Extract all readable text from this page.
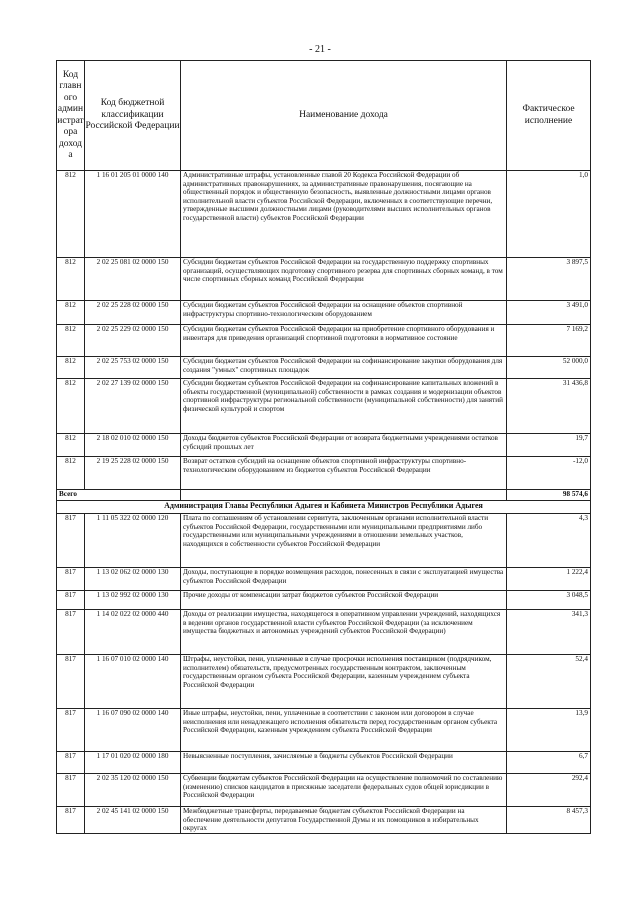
- 21 -
Код главн ого админ истрат ора доход а	Код бюджетной классификации Российской Федерации	Наименование дохода	Фактическое исполнение
812	1 16 01 205 01 0000 140	Административные штрафы, установленные главой 20 Кодекса Российской Федерации об административных правонарушениях, за административные правонарушения, посягающие на общественный порядок и общественную безопасность, выявленные должностными лицами органов исполнительной власти субъектов Российской Федерации, включенных в соответствующие перечни, утвержденные высшими должностными лицами (руководителями высших исполнительных органов государственной власти) субъектов Российской Федерации	1,0
812	2 02 25 081 02 0000 150	Субсидии бюджетам субъектов Российской Федерации на государственную поддержку спортивных организаций, осуществляющих подготовку спортивного резерва для спортивных сборных команд, в том числе спортивных сборных команд Российской Федерации	3 897,5
812	2 02 25 228 02 0000 150	Субсидии бюджетам субъектов Российской Федерации на оснащение объектов спортивной инфраструктуры спортивно-технологическим оборудованием	3 491,0
812	2 02 25 229 02 0000 150	Субсидии бюджетам субъектов Российской Федерации на приобретение спортивного оборудования и инвентаря для приведения организаций спортивной подготовки в нормативное состояние	7 169,2
812	2 02 25 753 02 0000 150	Субсидии бюджетам субъектов Российской Федерации на софинансирование закупки оборудования для создания "умных" спортивных площадок	52 000,0
812	2 02 27 139 02 0000 150	Субсидии бюджетам субъектов Российской Федерации на софинансирование капитальных вложений в объекты государственной (муниципальной) собственности в рамках создания и модернизации объектов спортивной инфраструктуры региональной собственности (муниципальной собственности) для занятий физической культурой и спортом	31 436,8
812	2 18 02 010 02 0000 150	Доходы бюджетов субъектов Российской Федерации от возврата бюджетными учреждениями остатков субсидий прошлых лет	19,7
812	2 19 25 228 02 0000 150	Возврат остатков субсидий на оснащение объектов спортивной инфраструктуры спортивно-технологическим оборудованием из бюджетов субъектов Российской Федерации	-12,0
Всего			98 574,6
Администрация Главы Республики Адыгея и Кабинета Министров Республики Адыгея			
817	1 11 05 322 02 0000 120	Плата по соглашениям об установлении сервитута, заключенным органами исполнительной власти субъектов Российской Федерации, государственными или муниципальными предприятиями либо государственными или муниципальными учреждениями в отношении земельных участков, находящихся в собственности субъектов Российской Федерации	4,3
817	1 13 02 062 02 0000 130	Доходы, поступающие в порядке возмещения расходов, понесенных в связи с эксплуатацией имущества субъектов Российской Федерации	1 222,4
817	1 13 02 992 02 0000 130	Прочие доходы от компенсации затрат бюджетов субъектов Российской Федерации	3 048,5
817	1 14 02 022 02 0000 440	Доходы от реализации имущества, находящегося в оперативном управлении учреждений, находящихся в ведении органов государственной власти субъектов Российской Федерации (за исключением имущества бюджетных и автономных учреждений субъектов Российской Федерации)	341,3
817	1 16 07 010 02 0000 140	Штрафы, неустойки, пени, уплаченные в случае просрочки исполнения поставщиком (подрядчиком, исполнителем) обязательств, предусмотренных государственным контрактом, заключенным государственным органом субъекта Российской Федерации, казенным учреждением субъекта Российской Федерации	52,4
817	1 16 07 090 02 0000 140	Иные штрафы, неустойки, пени, уплаченные в соответствии с законом или договором в случае неисполнения или ненадлежащего исполнения обязательств перед государственным органом субъекта Российской Федерации, казенным учреждением субъекта Российской Федерации	13,9
817	1 17 01 020 02 0000 180	Невыясненные поступления, зачисляемые в бюджеты субъектов Российской Федерации	6,7
817	2 02 35 120 02 0000 150	Субвенции бюджетам субъектов Российской Федерации на осуществление полномочий по составлению (изменению) списков кандидатов в присяжные заседатели федеральных судов общей юрисдикции в Российской Федерации	292,4
817	2 02 45 141 02 0000 150	Межбюджетные трансферты, передаваемые бюджетам субъектов Российской Федерации на обеспечение деятельности депутатов Государственной Думы и их помощников в избирательных округах	8 457,3
